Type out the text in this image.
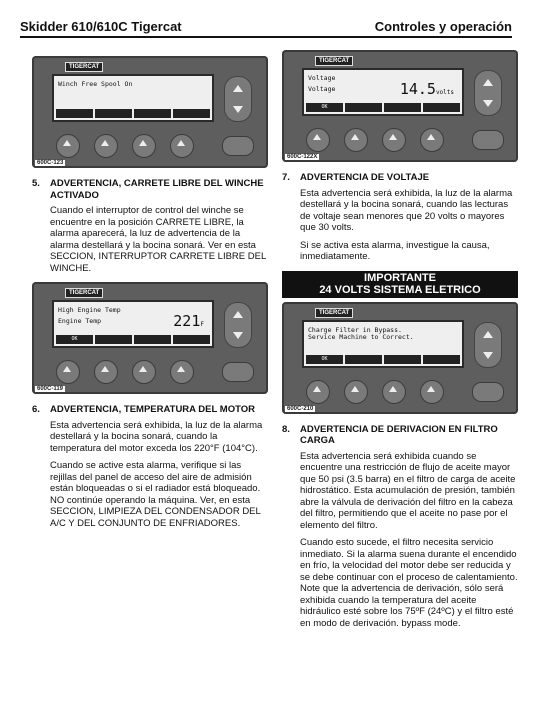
Skidder 610/610C Tigercat	Controles y operación
TIGERCAT
Winch Free Spool On
600C-123
5.	ADVERTENCIA, CARRETE LIBRE DEL WINCHE ACTIVADO

Cuando el interruptor de control del winche se encuentre en la posición CARRETE LIBRE, la alarma aparecerá, la luz de advertencia de la alarma destellará y la bocina sonará. Ver en esta SECCION, INTERRUPTOR CARRETE LIBRE DEL WINCHE.

TIGERCAT
High Engine Temp
Engine Temp	221F
OK
600C-119
6.	ADVERTENCIA, TEMPERATURA DEL MOTOR

Esta advertencia será exhibida, la luz de la alarma destellará y la bocina sonará, cuando la temperatura del motor exceda los 220°F (104°C).

Cuando se active esta alarma, verifique si las rejillas del panel de acceso del aire de admisión están bloqueadas o si el radiador está bloqueado. NO continúe operando la máquina. Ver, en esta SECCION, LIMPIEZA DEL CONDENSADOR DEL A/C Y DEL CONJUNTO DE ENFRIADORES.

TIGERCAT
Voltage
Voltage	14.5volts
OK
600C-122X
7.	ADVERTENCIA DE VOLTAJE

Esta advertencia será exhibida, la luz de la alarma destellará y la bocina sonará, cuando las lecturas de voltaje sean menores que 20 volts o mayores que 30 volts.

Si se activa esta alarma, investigue la causa, inmediatamente.

IMPORTANTE
24 VOLTS SISTEMA ELETRICO
TIGERCAT
Charge Filter in Bypass.
Service Machine to Correct.
OK
600C-210
8.	ADVERTENCIA DE DERIVACION EN FILTRO CARGA

Esta advertencia será exhibida cuando se encuentre una restricción de flujo de aceite mayor que 50 psi (3.5 barra) en el filtro de carga de aceite hidrostático. Esta acumulación de presión, también abre la válvula de derivación del filtro en la cabeza del filtro, permitiendo que el aceite no pase por el elemento del filtro.

Cuando esto sucede, el filtro necesita servicio inmediato. Si la alarma suena durante el encendido en frío, la velocidad del motor debe ser reducida y se debe continuar con el proceso de calentamiento. Note que la advertencia de derivación, sólo será exhibida cuando la temperatura del aceite hidráulico esté sobre los 75ºF (24ºC) y el filtro esté en modo de derivación. bypass mode.
